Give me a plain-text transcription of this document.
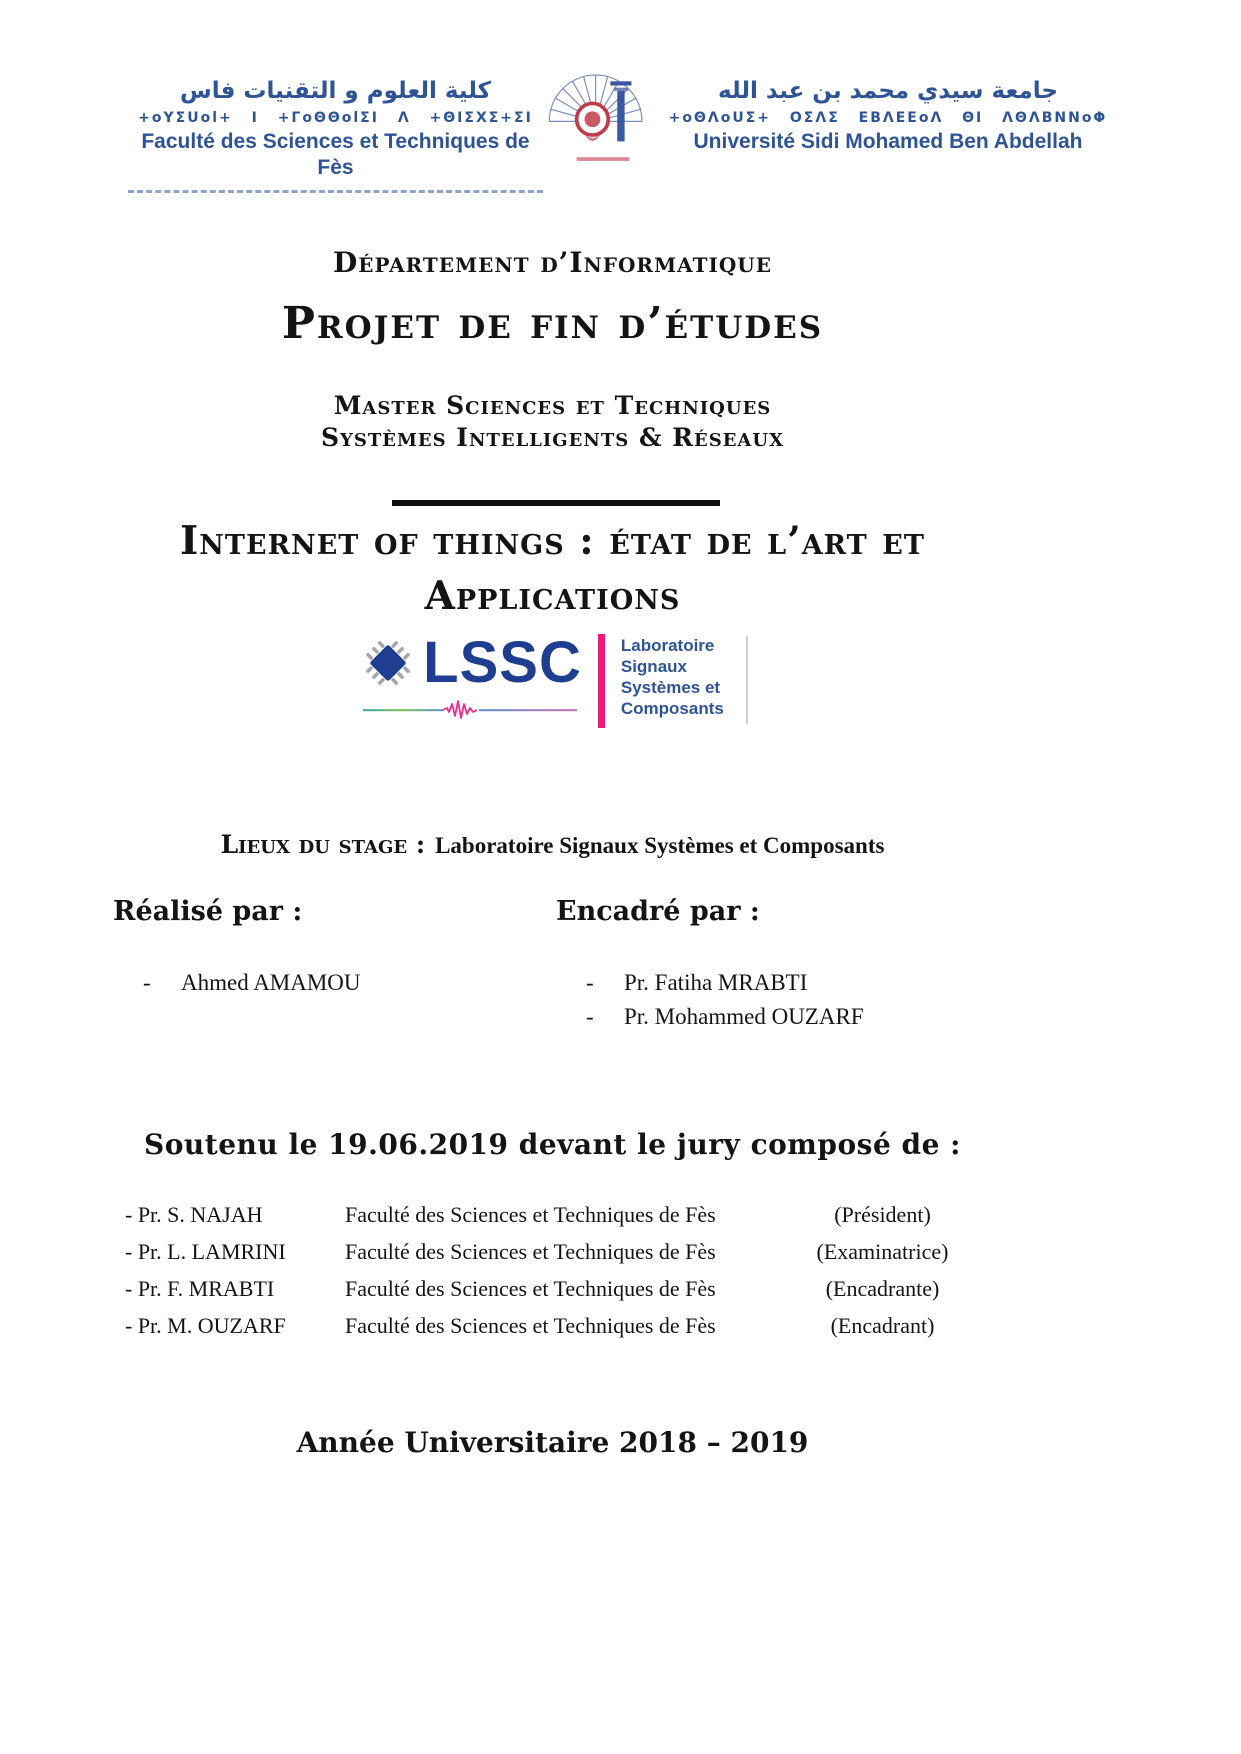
كلية العلوم و التقنيات فاس
+oYΣUol+ I +ΓoΘΘolΣI Λ +ΘIΣXΣ+ΣI
Faculté des Sciences et Techniques de Fès
جامعة سيدي محمد بن عبد الله
+oΘΛoUΣ+ ΟΣΛΣ ΕΒΛΕΕoΛ ΘI ΛΘΛΒΝΝoΦ
Université Sidi Mohamed Ben Abdellah
Département d’Informatique
Projet de fin d’études
Master Sciences et Techniques
Systèmes Intelligents & Réseaux
Internet of things : état de l’art et
Applications
LSSC Laboratoire
Signaux
Systèmes et
Composants
Lieux du stage : Laboratoire Signaux Systèmes et Composants
Réalisé par :
-	Ahmed AMAMOU
Encadré par :
-	Pr. Fatiha MRABTI
-	Pr. Mohammed OUZARF
Soutenu le 19.06.2019 devant le jury composé de :
- Pr. S. NAJAH	Faculté des Sciences et Techniques de Fès	(Président)
- Pr. L. LAMRINI	Faculté des Sciences et Techniques de Fès	(Examinatrice)
- Pr. F. MRABTI	Faculté des Sciences et Techniques de Fès	(Encadrante)
- Pr. M. OUZARF	Faculté des Sciences et Techniques de Fès	(Encadrant)
Année Universitaire 2018 – 2019
